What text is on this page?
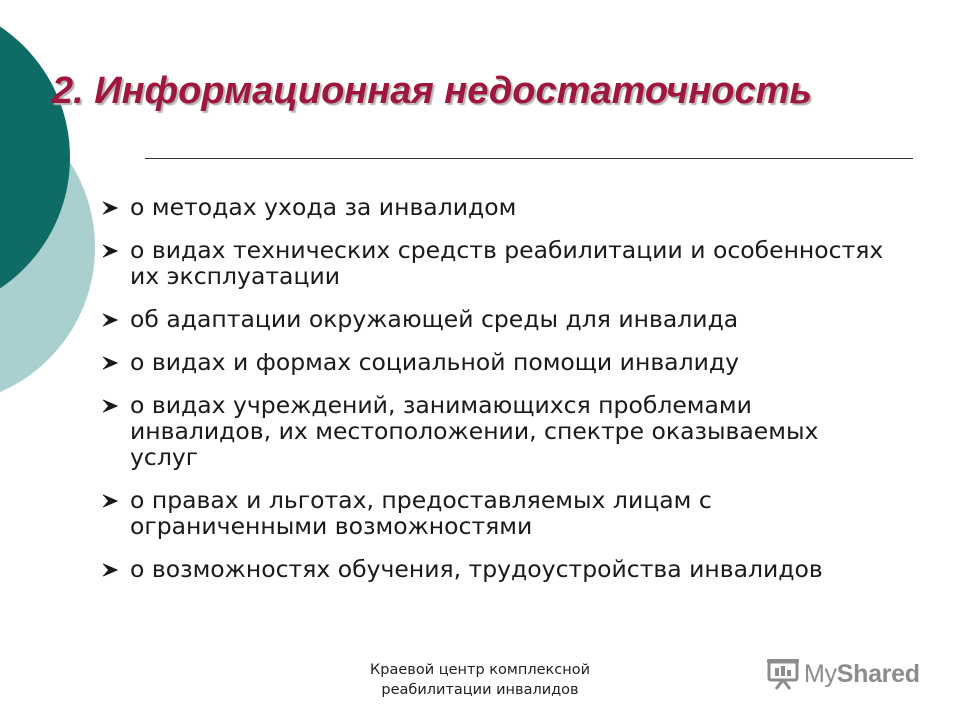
2. Информационная недостаточность
о методах ухода за инвалидом
о видах технических средств реабилитации и особенностях их эксплуатации
об адаптации окружающей среды для инвалида
о видах и формах социальной помощи инвалиду
о видах учреждений, занимающихся проблемами инвалидов, их местоположении, спектре оказываемых услуг
о правах и льготах, предоставляемых лицам с ограниченными возможностями
о возможностях обучения, трудоустройства инвалидов
Краевой центр комплексной
реабилитации инвалидов
MyShared
